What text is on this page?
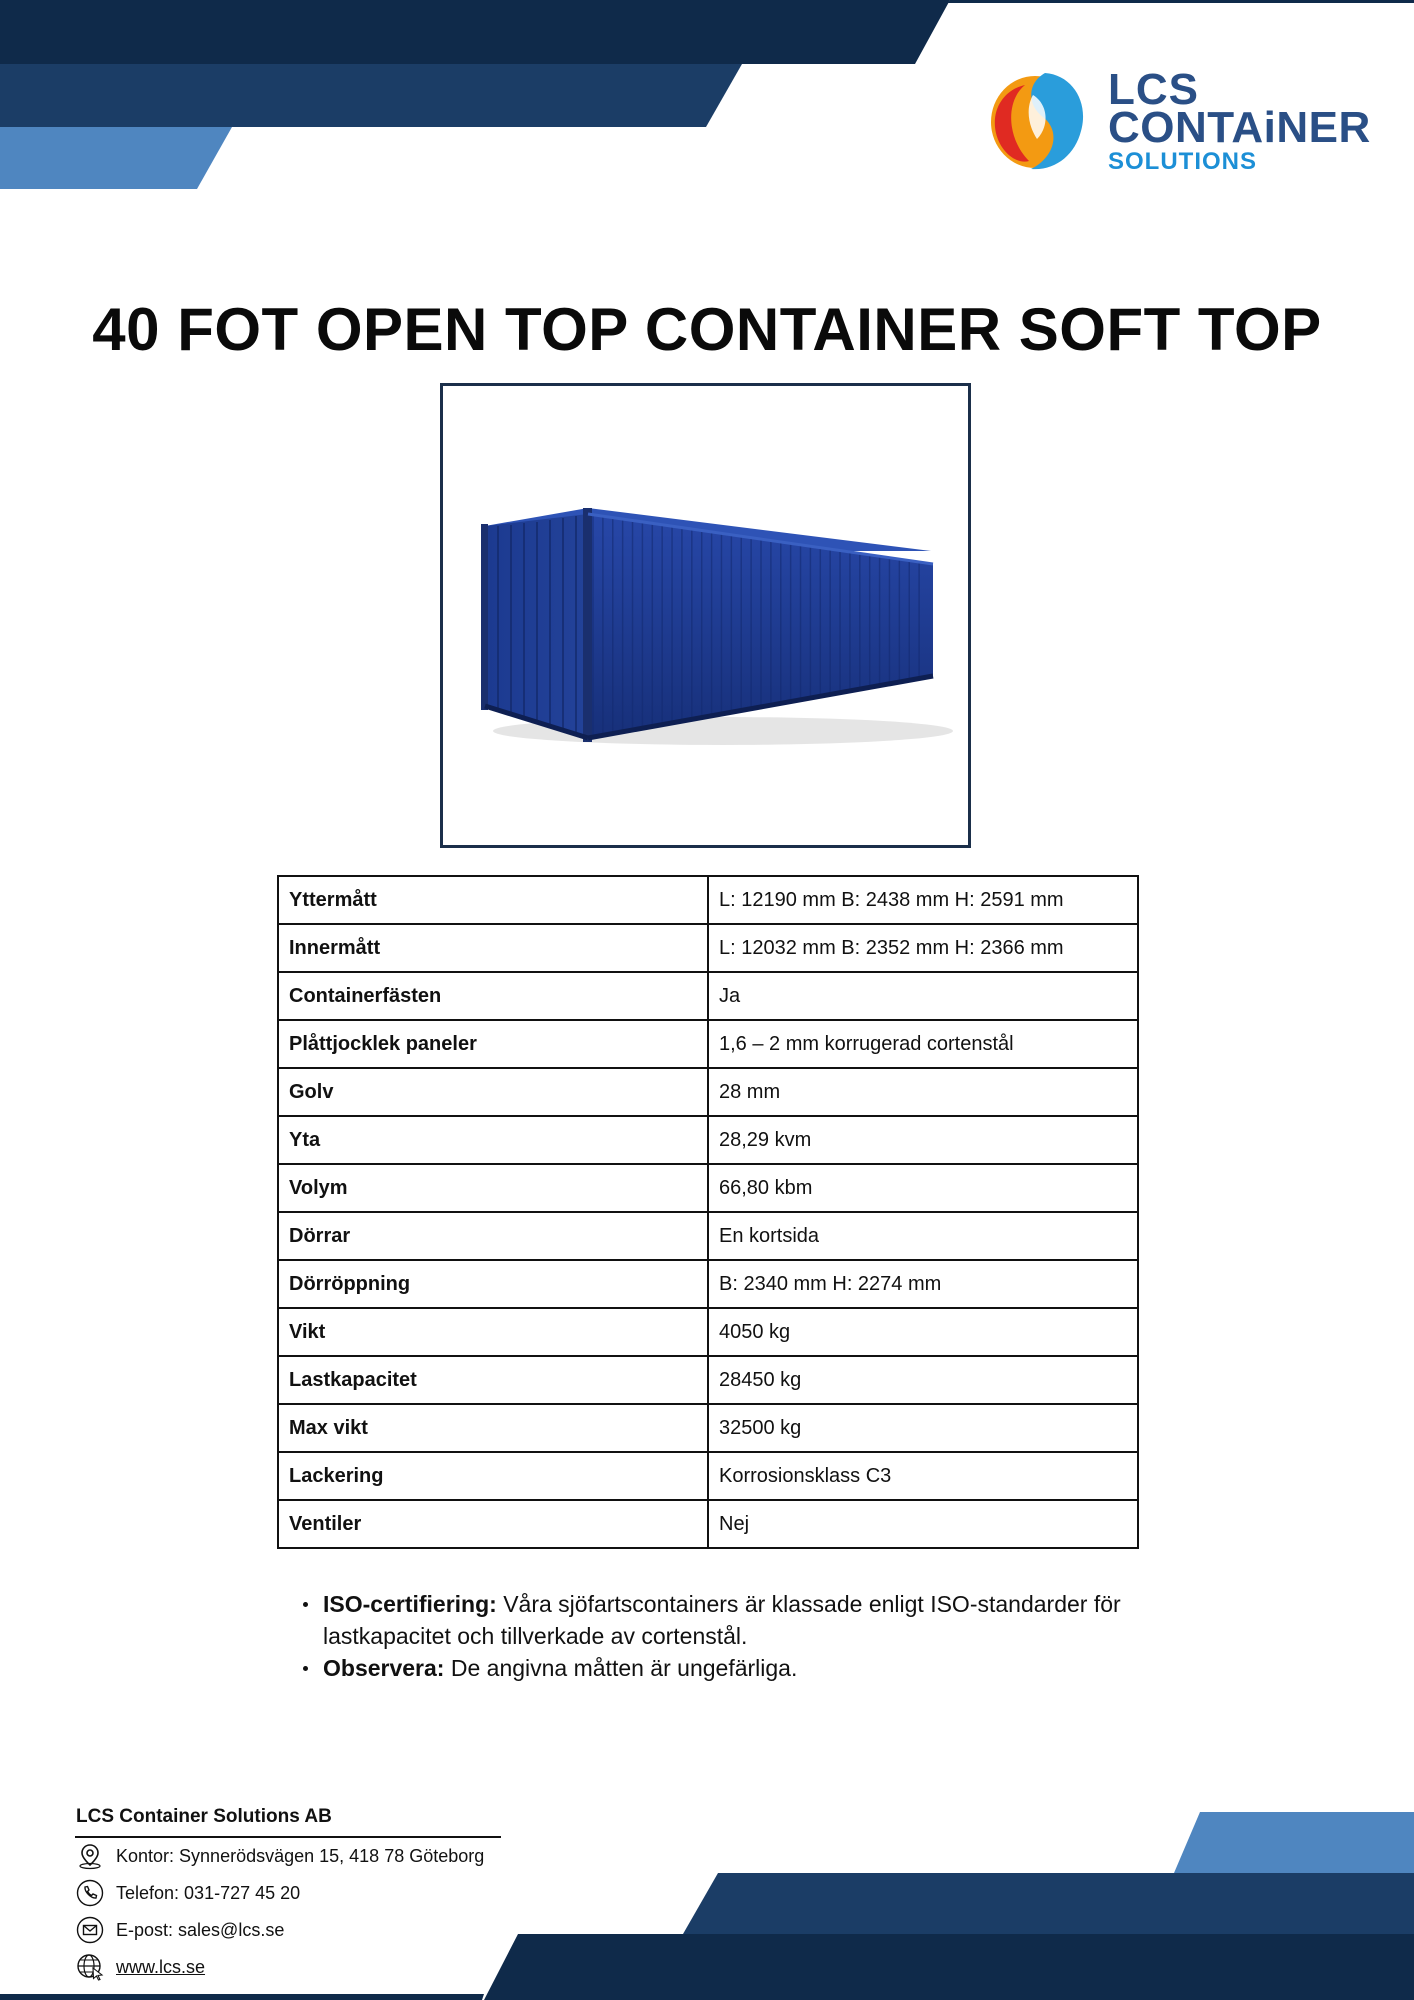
LCS
CONTAiNER
SOLUTIONS
40 FOT OPEN TOP CONTAINER SOFT TOP
Yttermått	L: 12190 mm B: 2438 mm H: 2591 mm
Innermått	L: 12032 mm B: 2352 mm H: 2366 mm
Containerfästen	Ja
Plåttjocklek paneler	1,6 – 2 mm korrugerad cortenstål
Golv	28 mm
Yta	28,29 kvm
Volym	66,80 kbm
Dörrar	En kortsida
Dörröppning	B: 2340 mm H: 2274 mm
Vikt	4050 kg
Lastkapacitet	28450 kg
Max vikt	32500 kg
Lackering	Korrosionsklass C3
Ventiler	Nej
ISO-certifiering: Våra sjöfartscontainers är klassade enligt ISO-standarder för lastkapacitet och tillverkade av cortenstål.
Observera: De angivna måtten är ungefärliga.
LCS Container Solutions AB
Kontor: Synnerödsvägen 15, 418 78 Göteborg
Telefon: 031-727 45 20
E-post: sales@lcs.se
www.lcs.se
